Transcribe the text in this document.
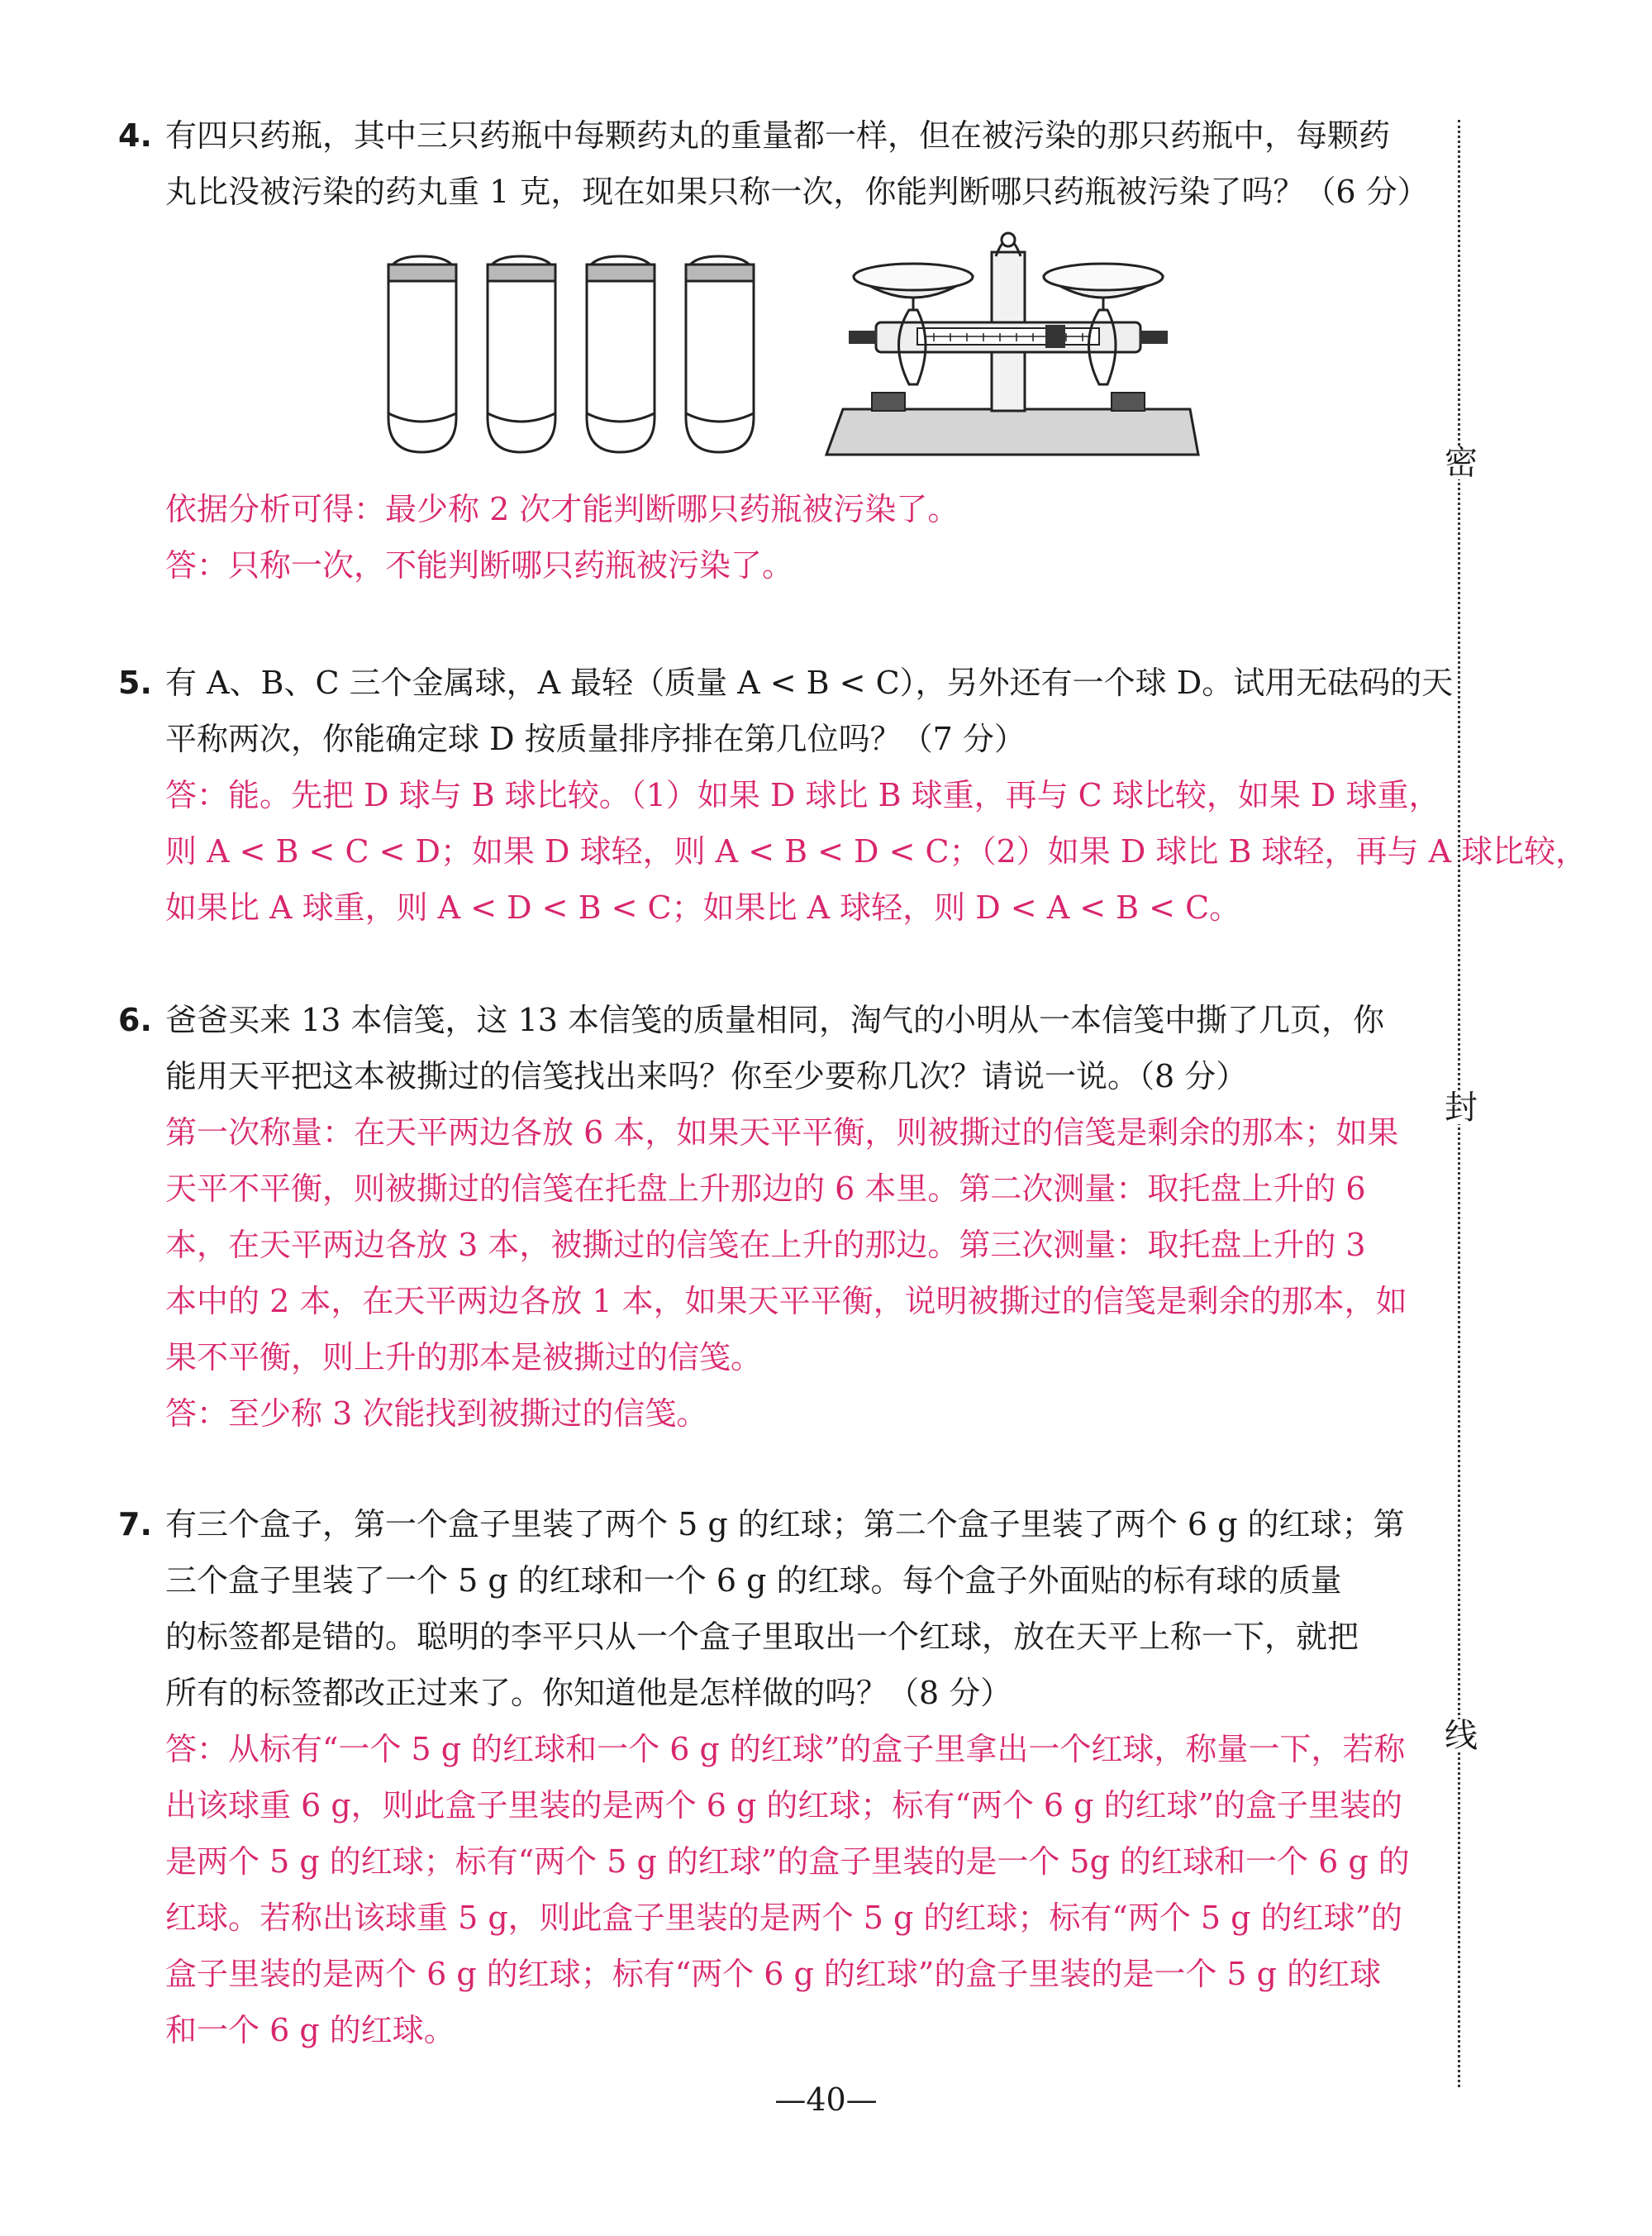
4. 有四只药瓶，其中三只药瓶中每颗药丸的重量都一样，但在被污染的那只药瓶中，每颗药
丸比没被污染的药丸重 1 克，现在如果只称一次，你能判断哪只药瓶被污染了吗？（6 分）
依据分析可得：最少称 2 次才能判断哪只药瓶被污染了。
答：只称一次，不能判断哪只药瓶被污染了。
5. 有 A、B、C 三个金属球，A 最轻（质量 A < B < C），另外还有一个球 D。试用无砝码的天
平称两次，你能确定球 D 按质量排序排在第几位吗？（7 分）
答：能。先把 D 球与 B 球比较。（1）如果 D 球比 B 球重，再与 C 球比较，如果 D 球重，
则 A < B < C < D；如果 D 球轻，则 A < B < D < C；（2）如果 D 球比 B 球轻，再与 A 球比较，
如果比 A 球重，则 A < D < B < C；如果比 A 球轻，则 D < A < B < C。
6. 爸爸买来 13 本信笺，这 13 本信笺的质量相同，淘气的小明从一本信笺中撕了几页，你
能用天平把这本被撕过的信笺找出来吗？你至少要称几次？请说一说。（8 分）
第一次称量：在天平两边各放 6 本，如果天平平衡，则被撕过的信笺是剩余的那本；如果
天平不平衡，则被撕过的信笺在托盘上升那边的 6 本里。第二次测量：取托盘上升的 6
本，在天平两边各放 3 本，被撕过的信笺在上升的那边。第三次测量：取托盘上升的 3
本中的 2 本，在天平两边各放 1 本，如果天平平衡，说明被撕过的信笺是剩余的那本，如
果不平衡，则上升的那本是被撕过的信笺。
答：至少称 3 次能找到被撕过的信笺。
7. 有三个盒子，第一个盒子里装了两个 5 g 的红球；第二个盒子里装了两个 6 g 的红球；第
三个盒子里装了一个 5 g 的红球和一个 6 g 的红球。每个盒子外面贴的标有球的质量
的标签都是错的。聪明的李平只从一个盒子里取出一个红球，放在天平上称一下，就把
所有的标签都改正过来了。你知道他是怎样做的吗？（8 分）
答：从标有“一个 5 g 的红球和一个 6 g 的红球”的盒子里拿出一个红球，称量一下，若称
出该球重 6 g，则此盒子里装的是两个 6 g 的红球；标有“两个 6 g 的红球”的盒子里装的
是两个 5 g 的红球；标有“两个 5 g 的红球”的盒子里装的是一个 5g 的红球和一个 6 g 的
红球。若称出该球重 5 g，则此盒子里装的是两个 5 g 的红球；标有“两个 5 g 的红球”的
盒子里装的是两个 6 g 的红球；标有“两个 6 g 的红球”的盒子里装的是一个 5 g 的红球
和一个 6 g 的红球。
密
封
线
—40—
